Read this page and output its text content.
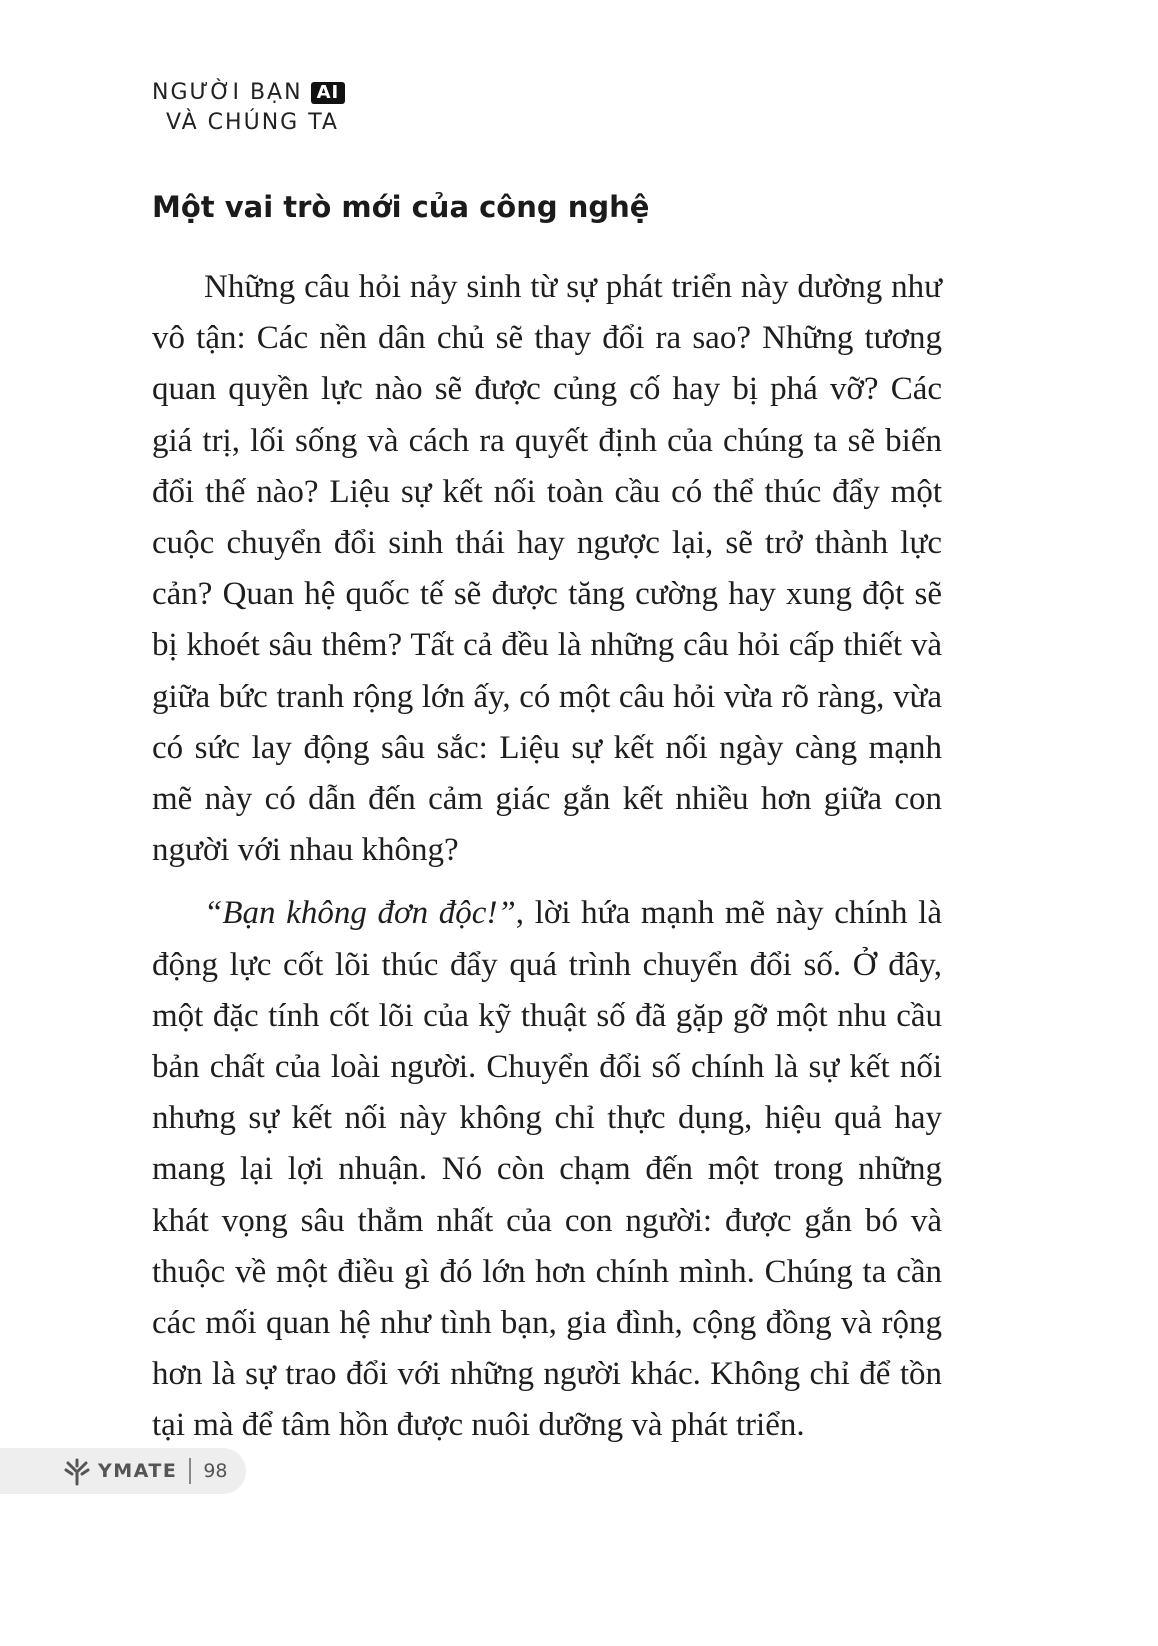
NGƯỜI BẠN AI
VÀ CHÚNG TA
Một vai trò mới của công nghệ

Những câu hỏi nảy sinh từ sự phát triển này dường như vô tận: Các nền dân chủ sẽ thay đổi ra sao? Những tương quan quyền lực nào sẽ được củng cố hay bị phá vỡ? Các giá trị, lối sống và cách ra quyết định của chúng ta sẽ biến đổi thế nào? Liệu sự kết nối toàn cầu có thể thúc đẩy một cuộc chuyển đổi sinh thái hay ngược lại, sẽ trở thành lực cản? Quan hệ quốc tế sẽ được tăng cường hay xung đột sẽ bị khoét sâu thêm? Tất cả đều là những câu hỏi cấp thiết và giữa bức tranh rộng lớn ấy, có một câu hỏi vừa rõ ràng, vừa có sức lay động sâu sắc: Liệu sự kết nối ngày càng mạnh mẽ này có dẫn đến cảm giác gắn kết nhiều hơn giữa con người với nhau không?

“Bạn không đơn độc!”, lời hứa mạnh mẽ này chính là động lực cốt lõi thúc đẩy quá trình chuyển đổi số. Ở đây, một đặc tính cốt lõi của kỹ thuật số đã gặp gỡ một nhu cầu bản chất của loài người. Chuyển đổi số chính là sự kết nối nhưng sự kết nối này không chỉ thực dụng, hiệu quả hay mang lại lợi nhuận. Nó còn chạm đến một trong những khát vọng sâu thẳm nhất của con người: được gắn bó và thuộc về một điều gì đó lớn hơn chính mình. Chúng ta cần các mối quan hệ như tình bạn, gia đình, cộng đồng và rộng hơn là sự trao đổi với những người khác. Không chỉ để tồn tại mà để tâm hồn được nuôi dưỡng và phát triển.

YMATE 98
